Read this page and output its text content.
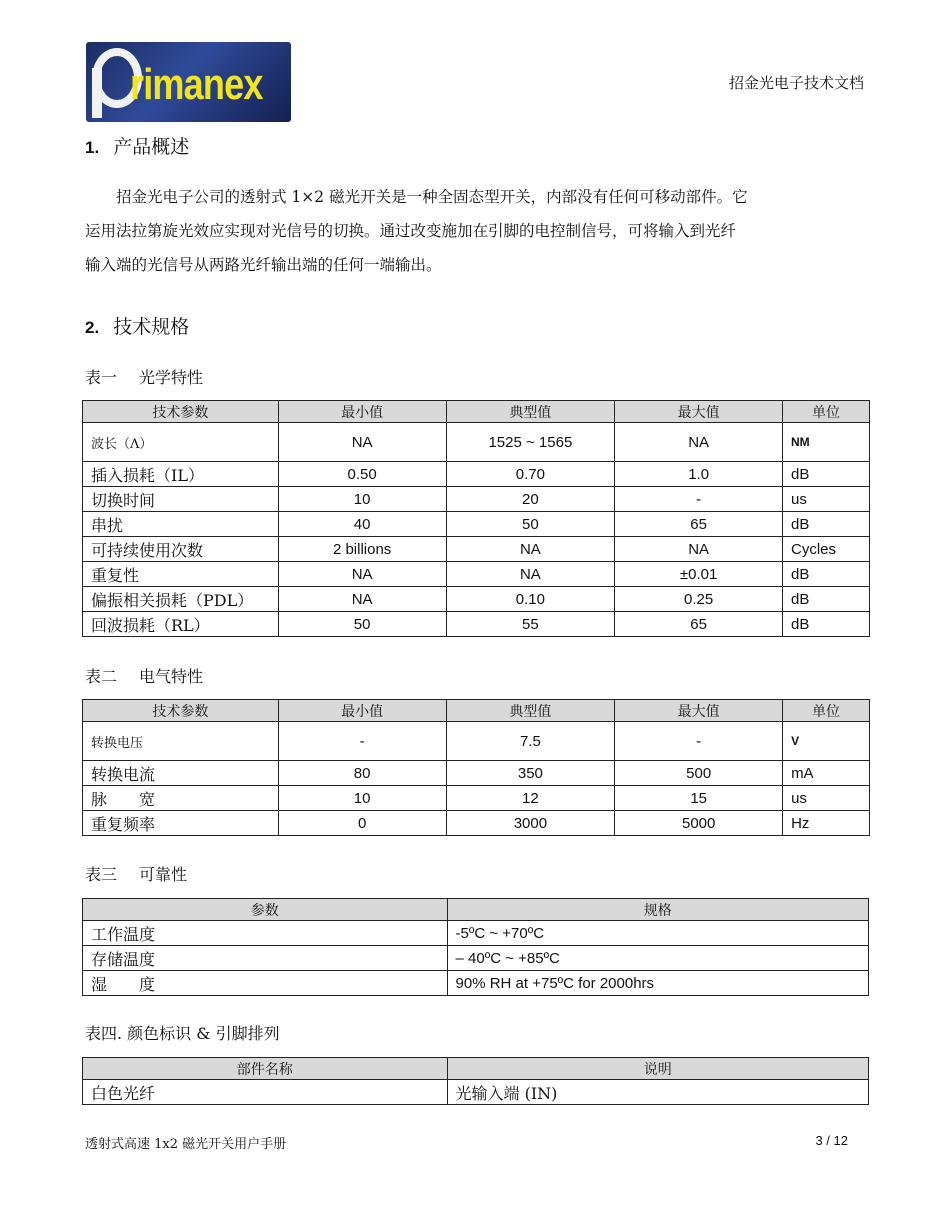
rimanex	招金光电子技术文档
1. 产品概述
招金光电子公司的透射式 1×2 磁光开关是一种全固态型开关，内部没有任何可移动部件。它
运用法拉第旋光效应实现对光信号的切换。通过改变施加在引脚的电控制信号，可将输入到光纤
输入端的光信号从两路光纤输出端的任何一端输出。
2. 技术规格
表一 光学特性
技术参数	最小值	典型值	最大值	单位
波长（Λ）	NA	1525 ~ 1565	NA	NM
插入损耗（IL）	0.50	0.70	1.0	dB
切换时间	10	20	-	us
串扰	40	50	65	dB
可持续使用次数	2 billions	NA	NA	Cycles
重复性	NA	NA	±0.01	dB
偏振相关损耗（PDL）	NA	0.10	0.25	dB
回波损耗（RL）	50	55	65	dB
表二 电气特性
技术参数	最小值	典型值	最大值	单位
转换电压	-	7.5	-	V
转换电流	80	350	500	mA
脉　　宽	10	12	15	us
重复频率	0	3000	5000	Hz
表三 可靠性
参数	规格
工作温度	-5ºC ~ +70ºC
存储温度	– 40ºC ~ +85ºC
湿　　度	90% RH at +75ºC for 2000hrs
表四. 颜色标识 & 引脚排列
部件名称	说明
白色光纤	光输入端 (IN)
透射式高速 1x2 磁光开关用户手册	3 / 12
